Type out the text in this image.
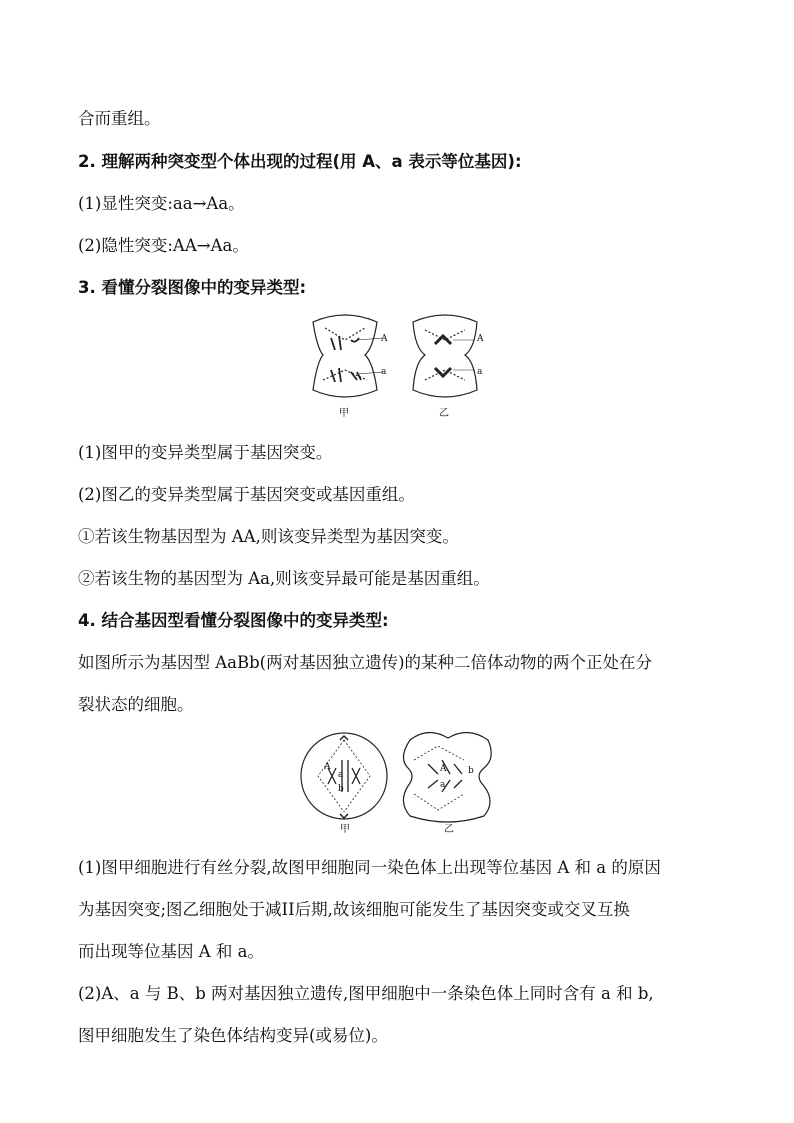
合而重组。
2. 理解两种突变型个体出现的过程(用 A、a 表示等位基因):
(1)显性突变:aa→Aa。
(2)隐性突变:AA→Aa。
3. 看懂分裂图像中的变异类型:
A
a
A
a
甲	乙
(1)图甲的变异类型属于基因突变。
(2)图乙的变异类型属于基因突变或基因重组。
①若该生物基因型为 AA,则该变异类型为基因突变。
②若该生物的基因型为 Aa,则该变异最可能是基因重组。
4. 结合基因型看懂分裂图像中的变异类型:
如图所示为基因型 AaBb(两对基因独立遗传)的某种二倍体动物的两个正处在分
裂状态的细胞。
A
a
b
A
a
b
甲	乙
(1)图甲细胞进行有丝分裂,故图甲细胞同一染色体上出现等位基因 A 和 a 的原因
为基因突变;图乙细胞处于减II后期,故该细胞可能发生了基因突变或交叉互换
而出现等位基因 A 和 a。
(2)A、a 与 B、b 两对基因独立遗传,图甲细胞中一条染色体上同时含有 a 和 b,
图甲细胞发生了染色体结构变异(或易位)。
